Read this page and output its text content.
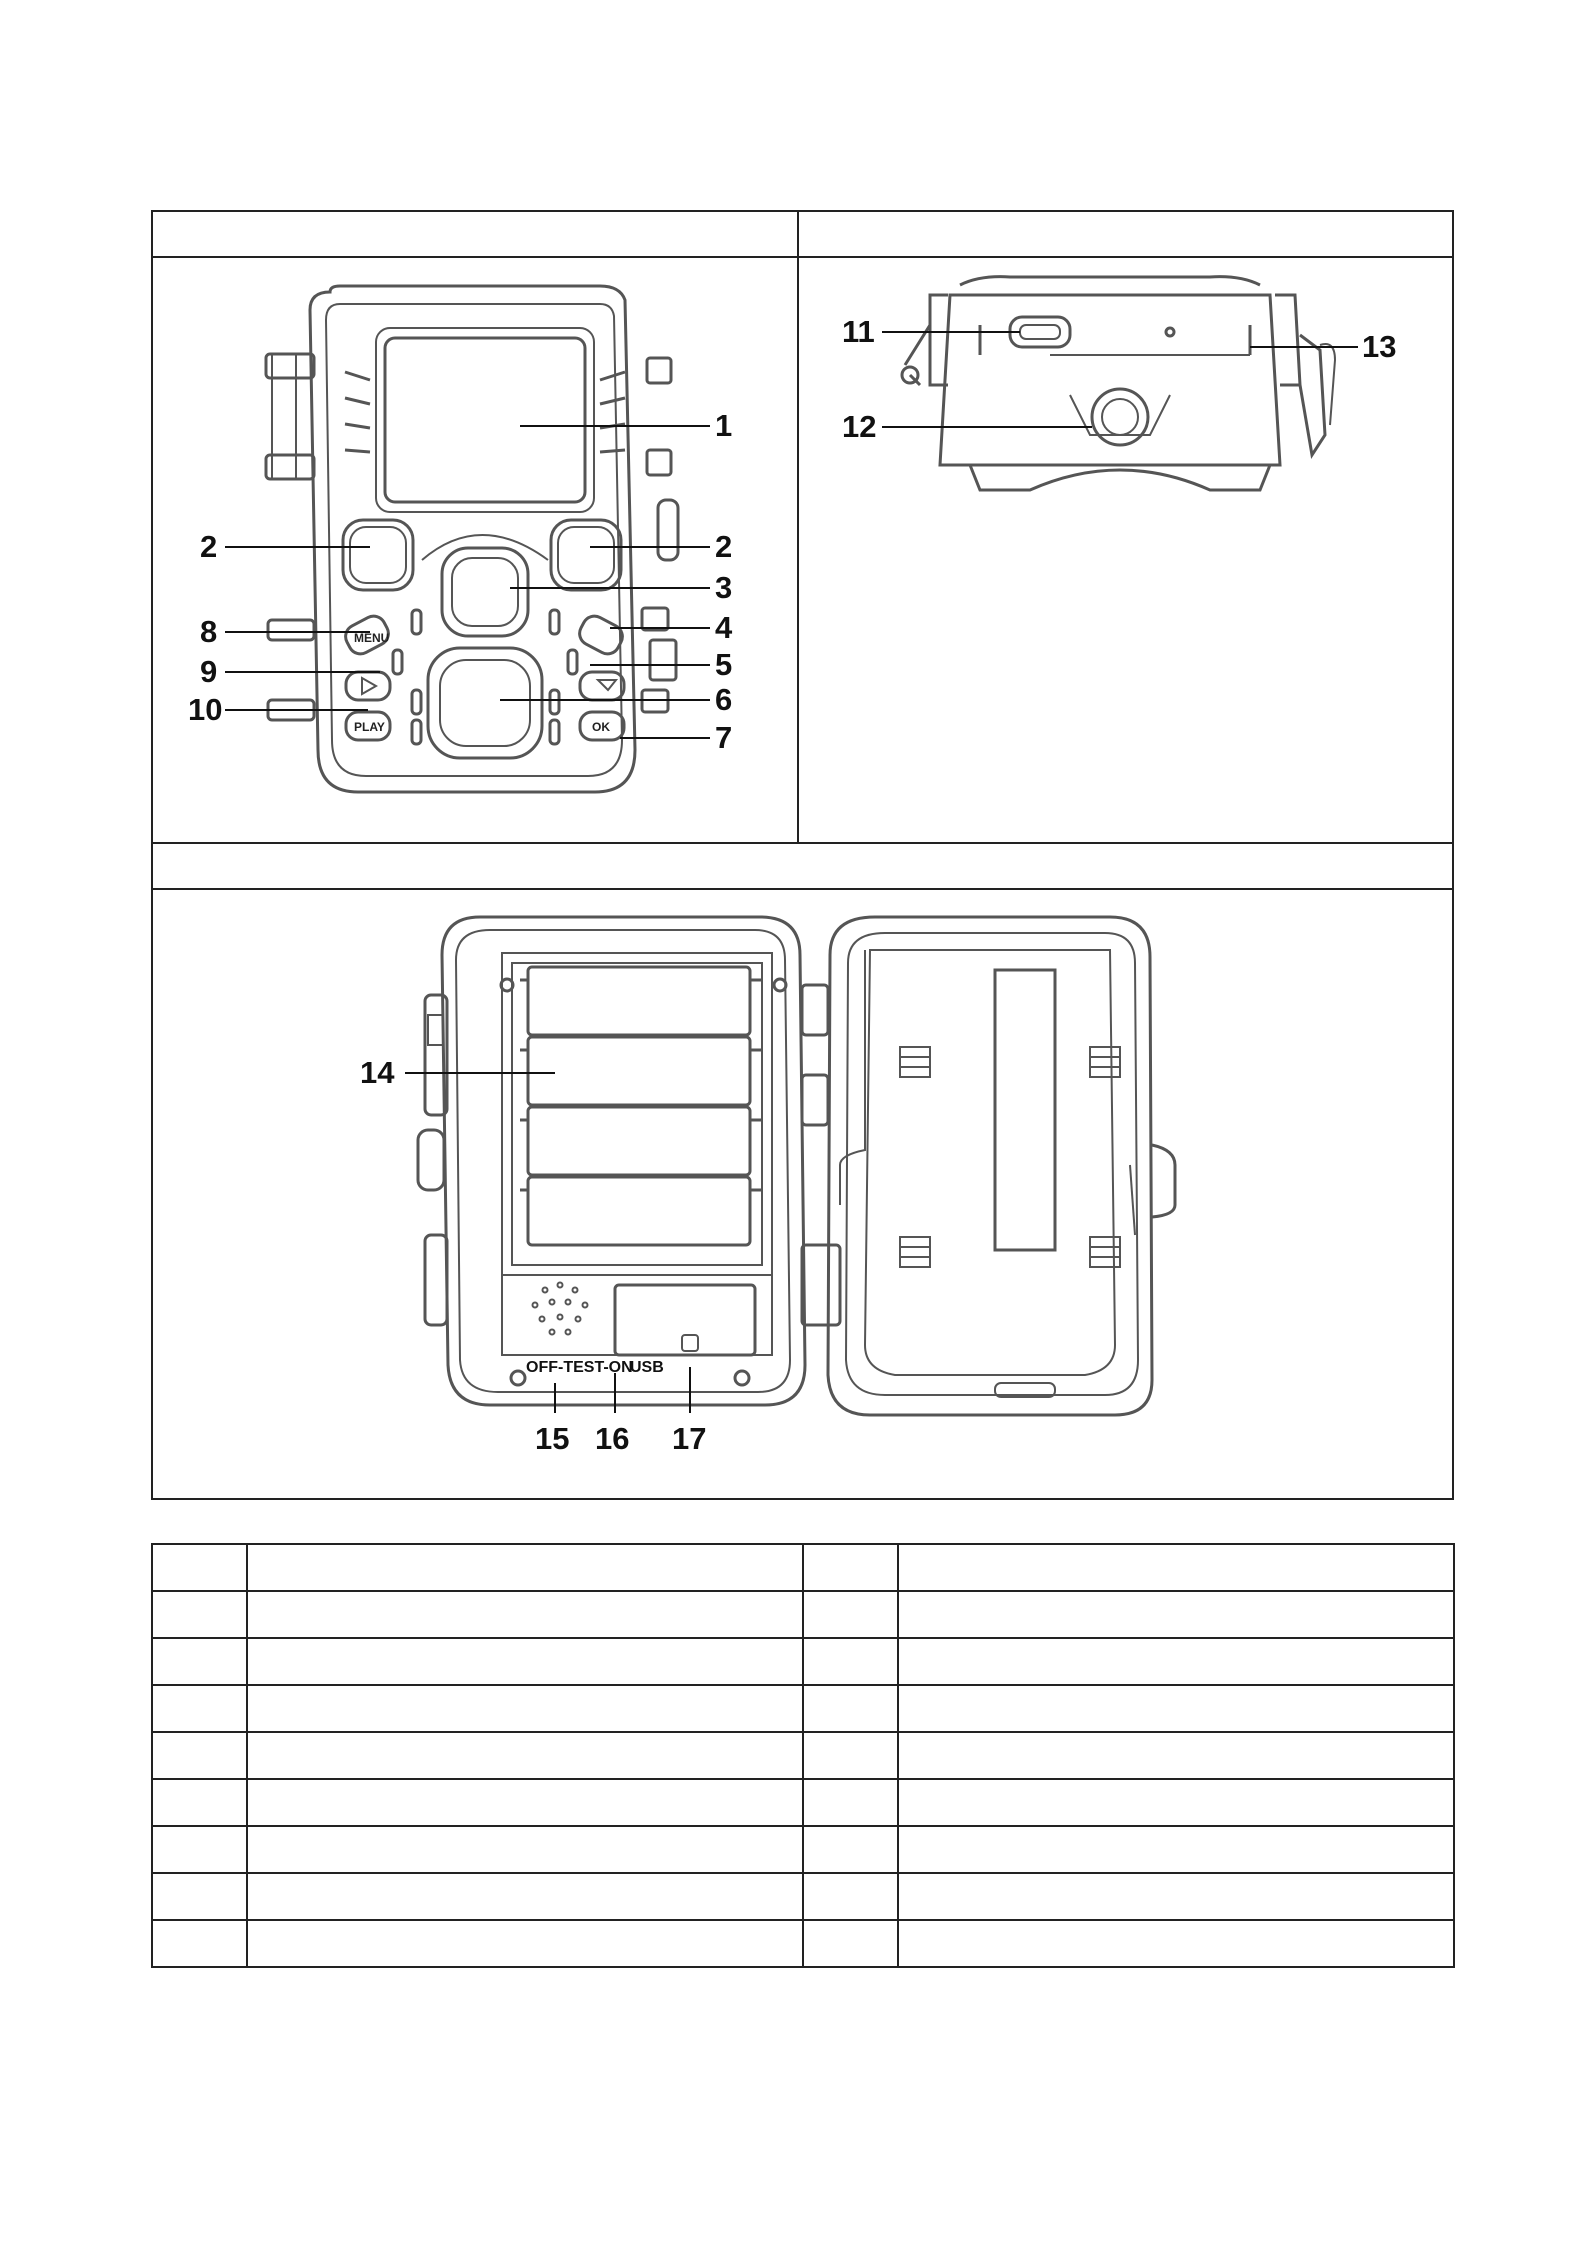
MENU
PLAY	OK
1
2	2
3
4
5
6
7
8
9
10
11
12
13
OFF-TEST-ON
USB
14
15 16 17
